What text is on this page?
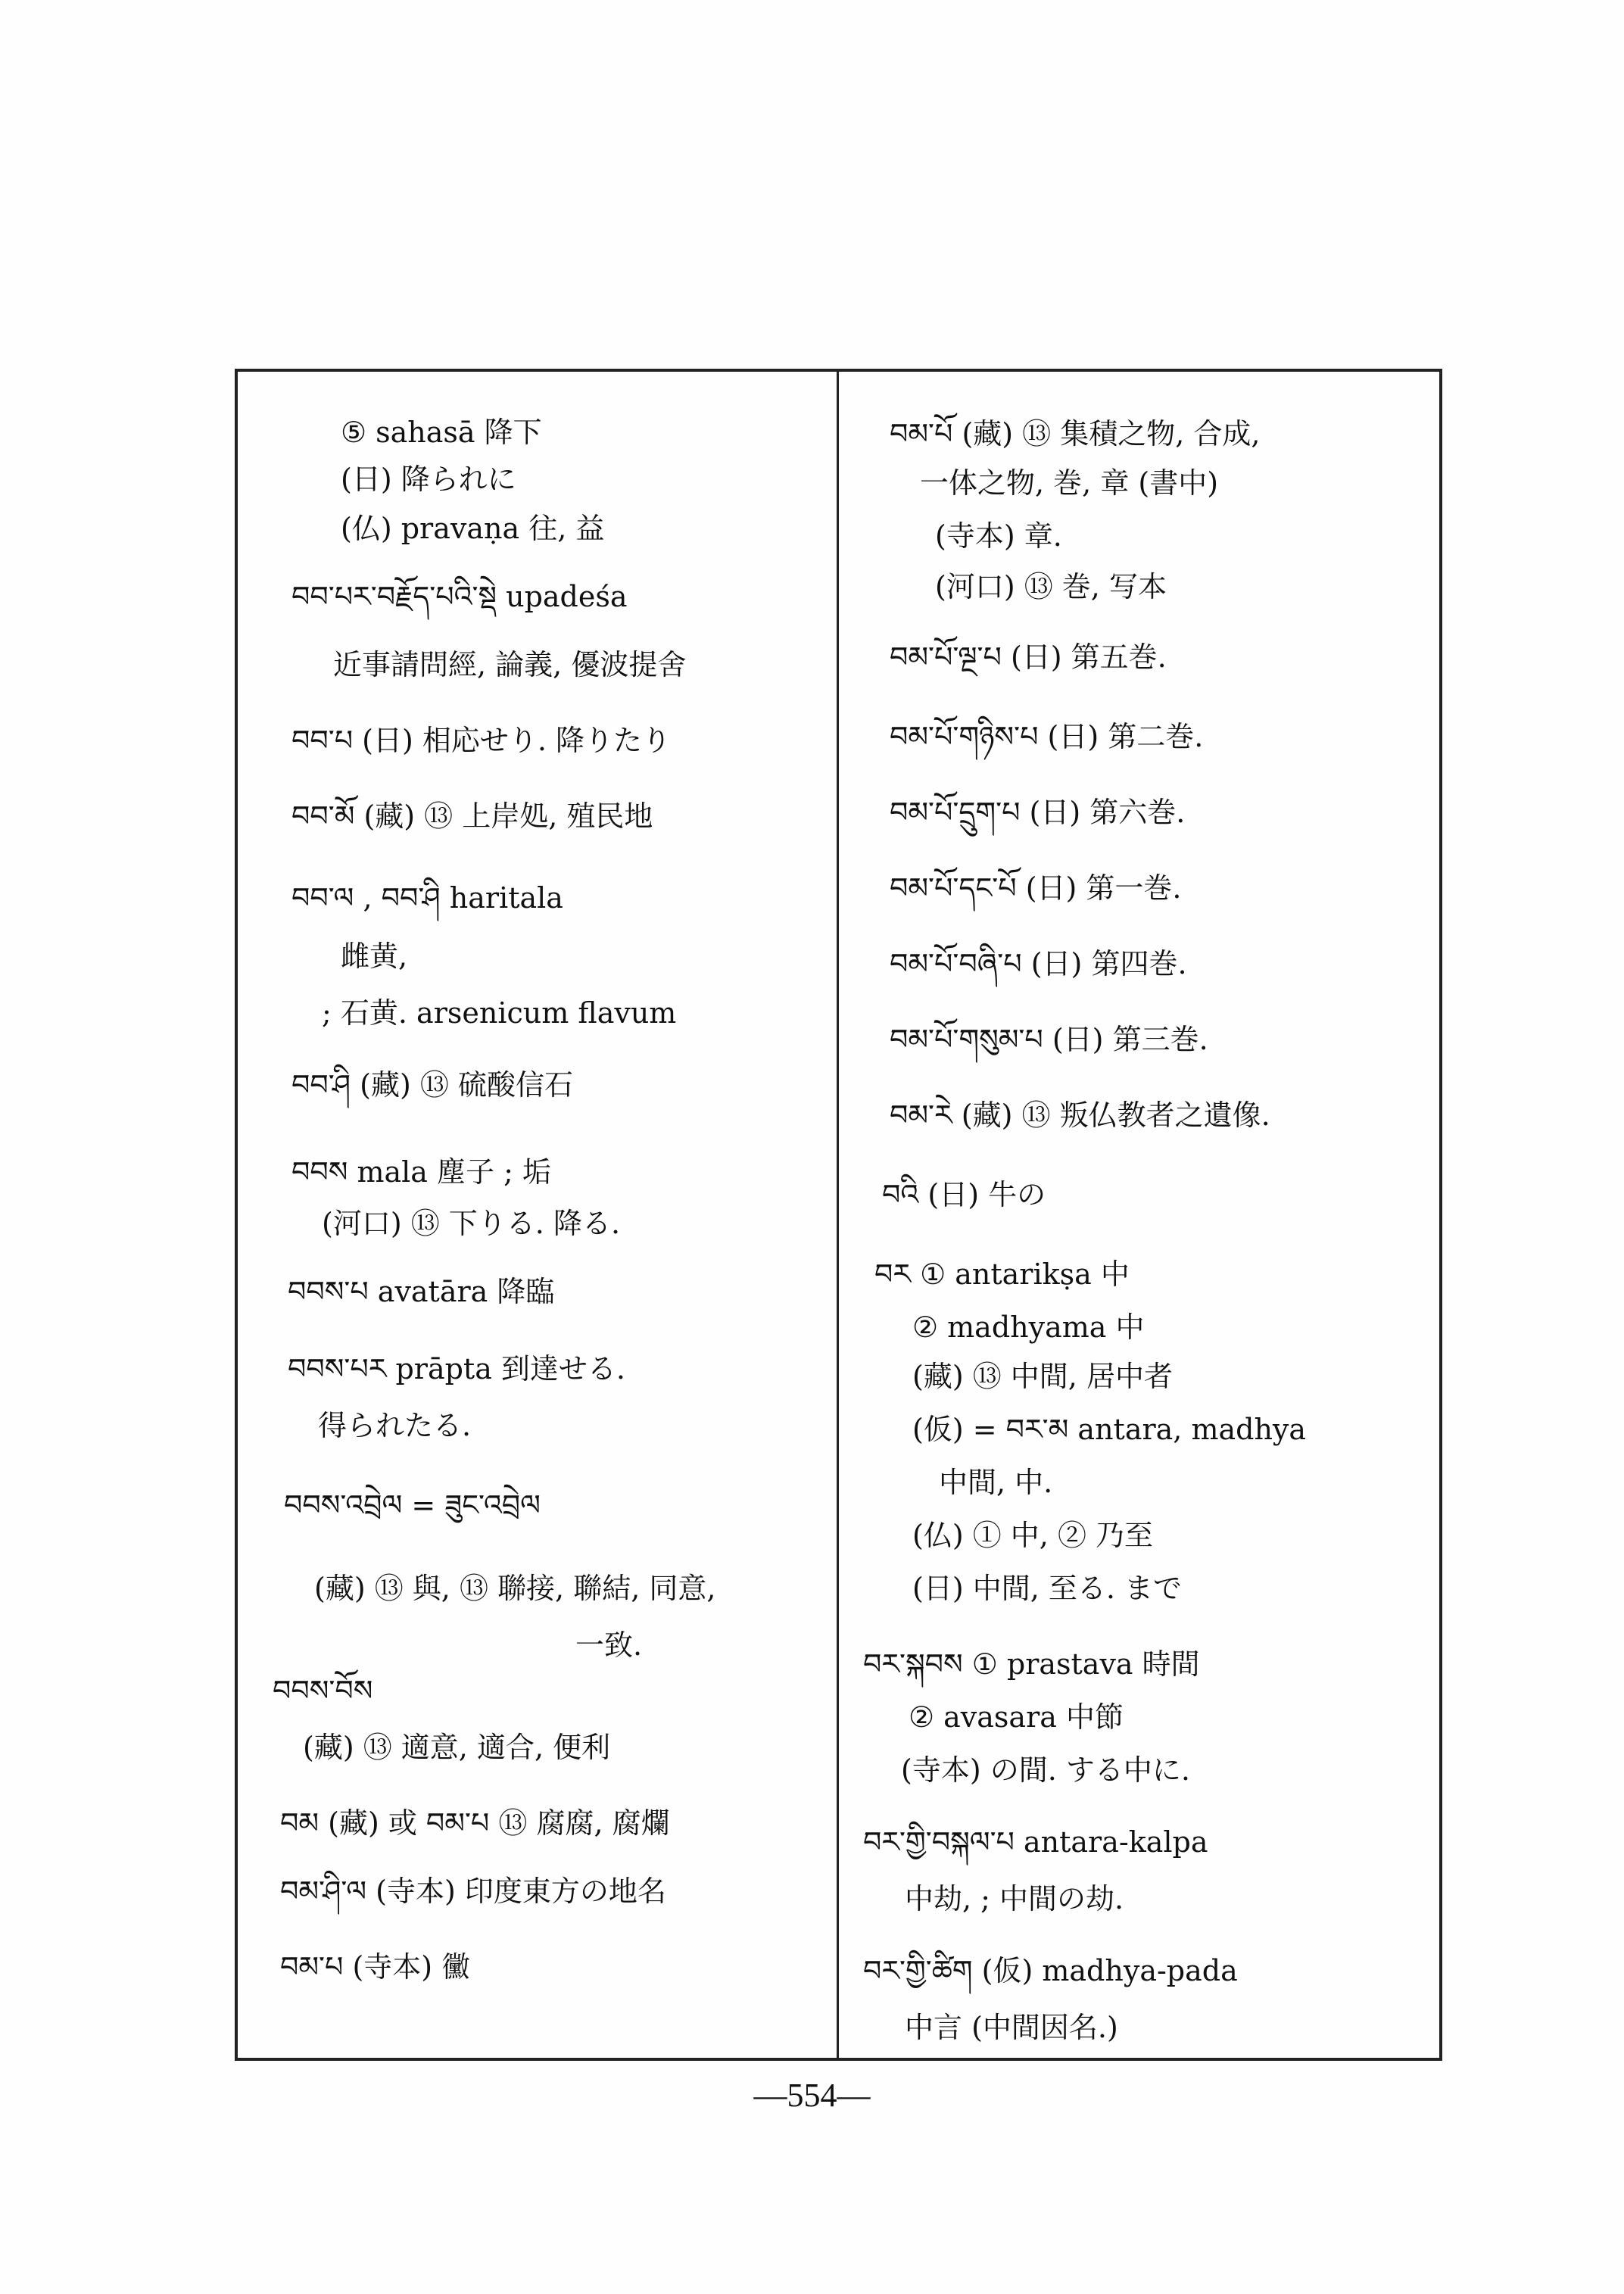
⑤ sahasā 降下
(日) 降られに
(仏) pravaṇa 往, 益
བབ་པར་བརྗོད་པའི་སྡེ upadeśa
近事請問經, 論義, 優波提舍
བབ་པ (日) 相応せり. 降りたり
བབ་མོ (藏) ⑬ 上岸処, 殖民地
བབ་ལ , བབ་ཤི haritala
雌黄,
; 石黄. arsenicum flavum
བབ་ཤི (藏) ⑬ 硫酸信石
བབས mala 塵子 ; 垢
(河口) ⑬ 下りる. 降る.
བབས་པ avatāra 降臨
བབས་པར prāpta 到達せる.
得られたる.
བབས་འབྲེལ = ཟུང་འབྲེལ
(藏) ⑬ 與, ⑬ 聯接, 聯結, 同意,
一致.
བབས་བོས
(藏) ⑬ 適意, 適合, 便利
བམ (藏) 或 བམ་པ ⑬ 腐腐, 腐爛
བམ་ཤི་ལ (寺本) 印度東方の地名
བམ་པ (寺本) 黴
བམ་པོ (藏) ⑬ 集積之物, 合成,
一体之物, 巻, 章 (書中)
(寺本) 章.
(河口) ⑬ 巻, 写本
བམ་པོ་ལྔ་པ (日) 第五巻.
བམ་པོ་གཉིས་པ (日) 第二巻.
བམ་པོ་དྲུག་པ (日) 第六巻.
བམ་པོ་དང་པོ (日) 第一巻.
བམ་པོ་བཞི་པ (日) 第四巻.
བམ་པོ་གསུམ་པ (日) 第三巻.
བམ་རེ (藏) ⑬ 叛仏教者之遺像.
བའི (日) 牛の
བར ① antarikṣa 中
② madhyama 中
(藏) ⑬ 中間, 居中者
(仮) = བར་མ antara, madhya
中間, 中.
(仏) ① 中, ② 乃至
(日) 中間, 至る. まで
བར་སྐབས ① prastava 時間
② avasara 中節
(寺本) の間. する中に.
བར་གྱི་བསྐལ་པ antara-kalpa
中劫, ; 中間の劫.
བར་གྱི་ཚིག (仮) madhya-pada
中言 (中間因名.)
—554—
